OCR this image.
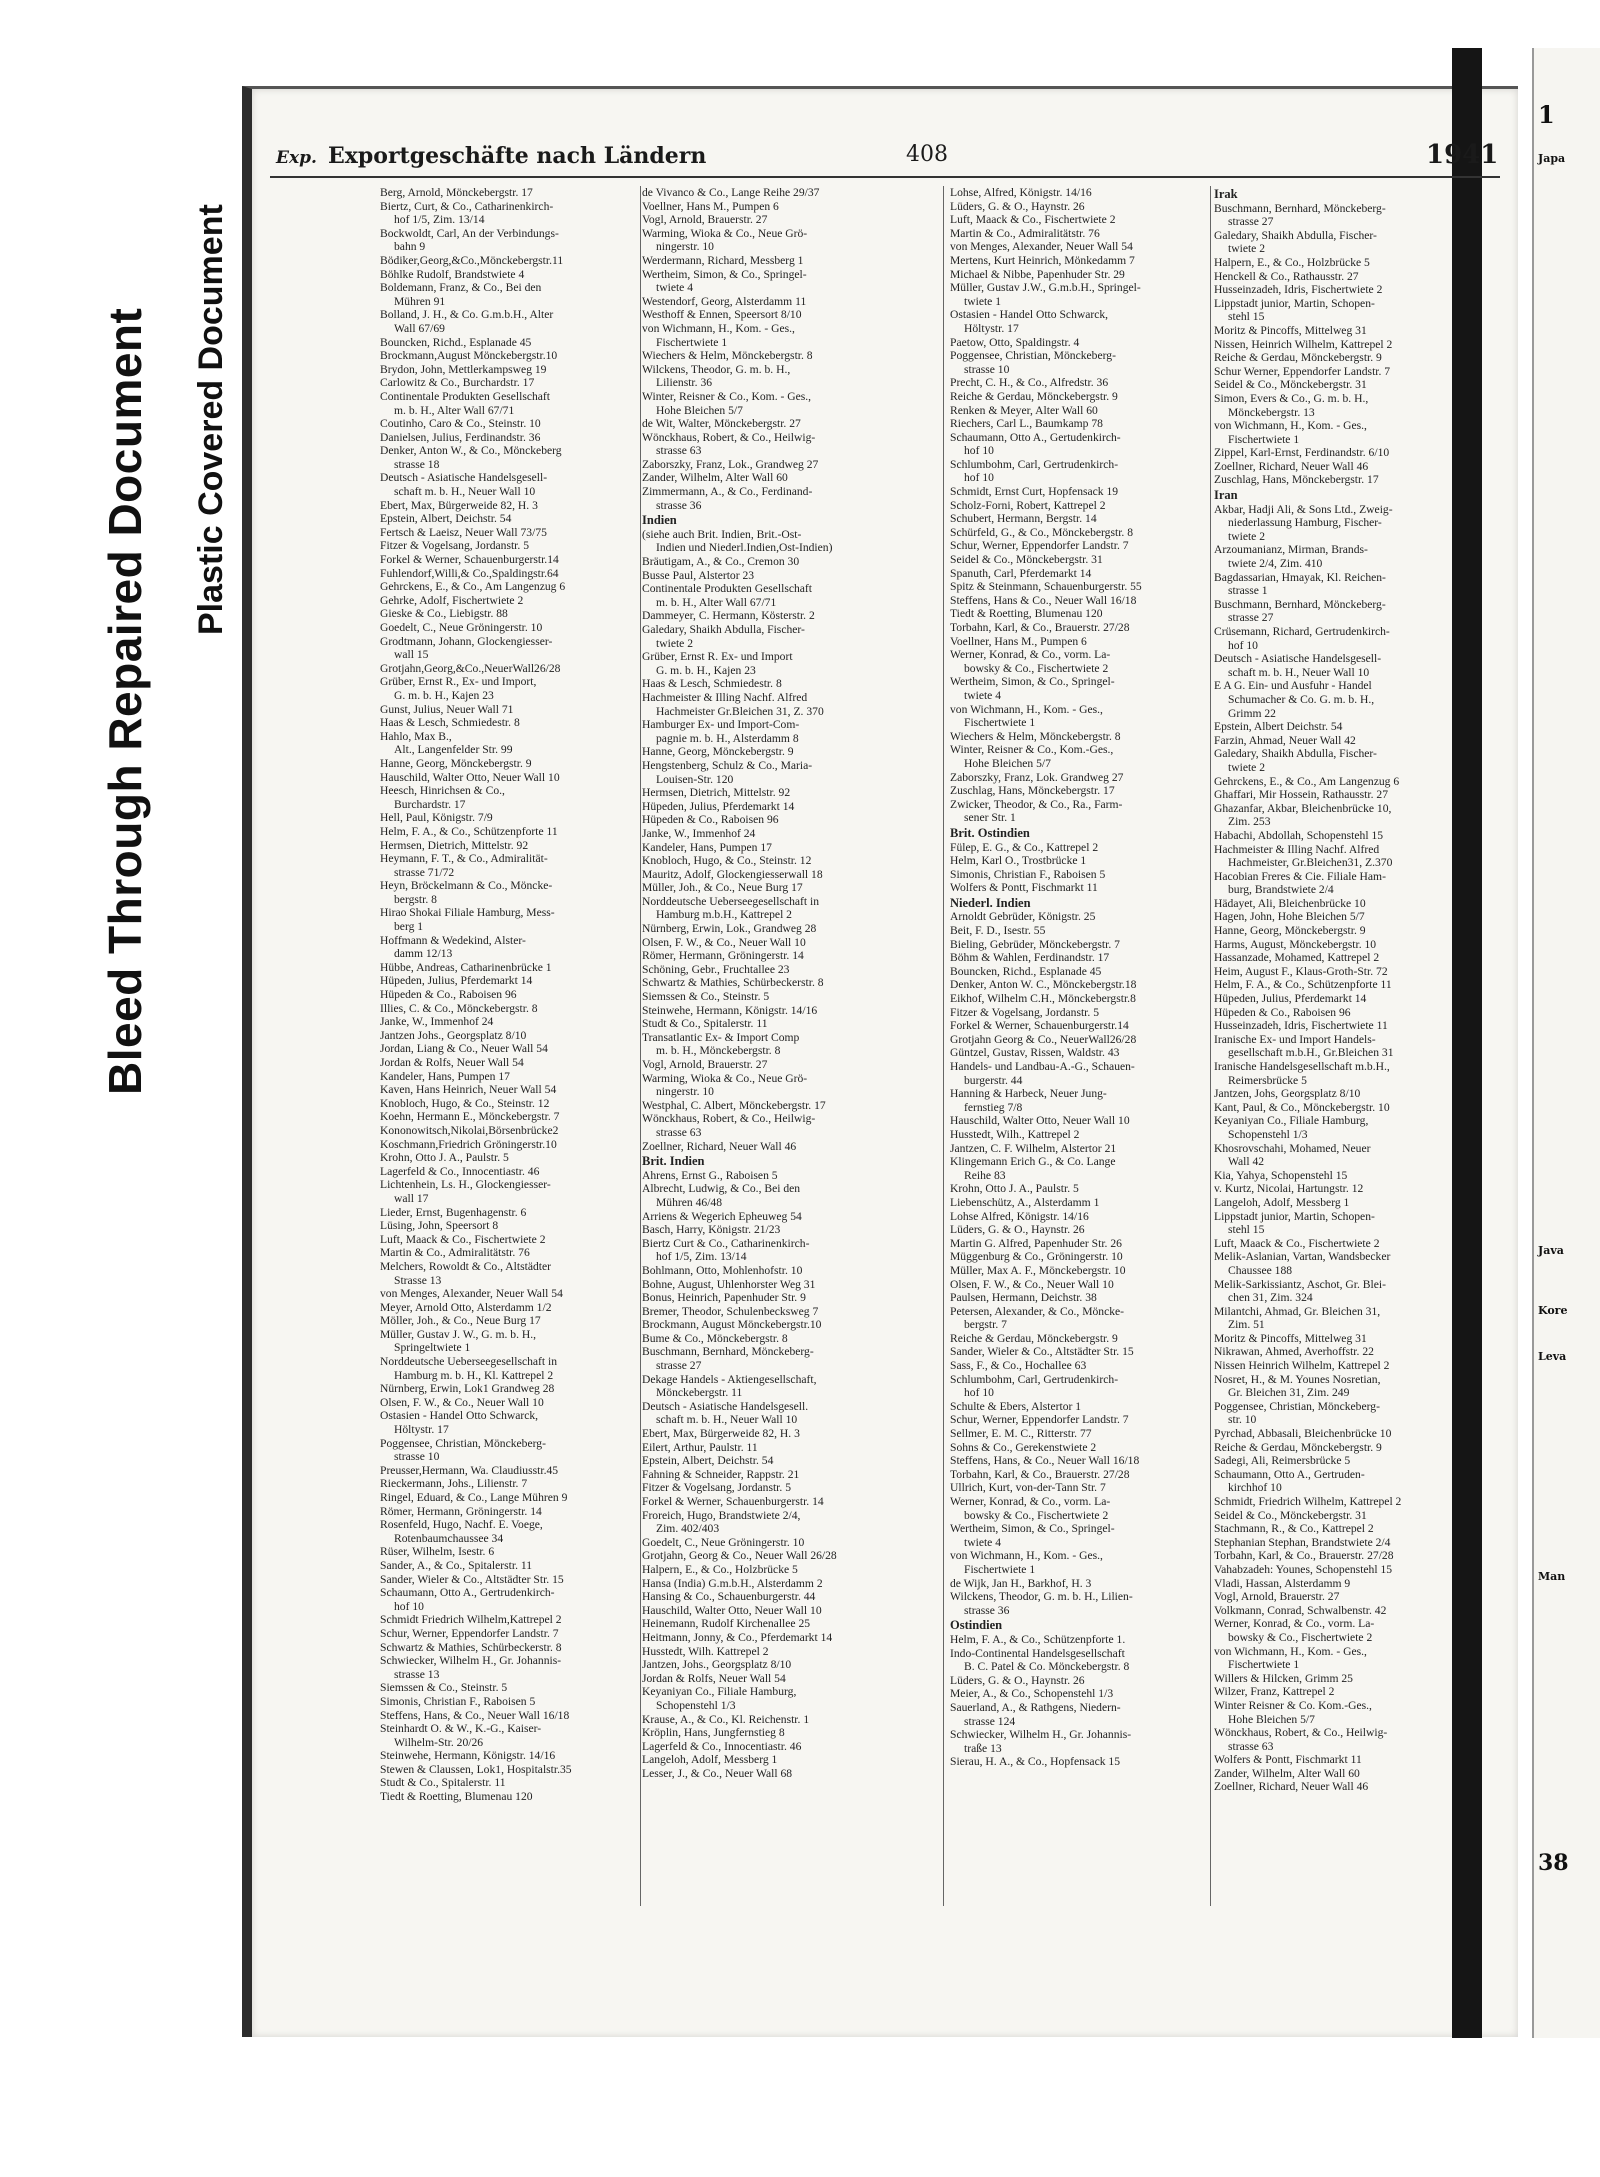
Bleed Through Repaired Document Plastic Covered Document
1
Japa
Java
Kore
Leva
Man
38
Exp. Exportgeschäfte nach Ländern	408	1941
Berg, Arnold, Mönckebergstr. 17
Biertz, Curt, & Co., Catharinenkirch-
hof 1/5, Zim. 13/14
Bockwoldt, Carl, An der Verbindungs-
bahn 9
Bödiker,Georg,&Co.,Mönckebergstr.11
Böhlke Rudolf, Brandstwiete 4
Boldemann, Franz, & Co., Bei den
Mühren 91
Bolland, J. H., & Co. G.m.b.H., Alter
Wall 67/69
Bouncken, Richd., Esplanade 45
Brockmann,August Mönckebergstr.10
Brydon, John, Mettlerkampsweg 19
Carlowitz & Co., Burchardstr. 17
Continentale Produkten Gesellschaft
m. b. H., Alter Wall 67/71
Coutinho, Caro & Co., Steinstr. 10
Danielsen, Julius, Ferdinandstr. 36
Denker, Anton W., & Co., Mönckeberg
strasse 18
Deutsch - Asiatische Handelsgesell-
schaft m. b. H., Neuer Wall 10
Ebert, Max, Bürgerweide 82, H. 3
Epstein, Albert, Deichstr. 54
Fertsch & Laeisz, Neuer Wall 73/75
Fitzer & Vogelsang, Jordanstr. 5
Forkel & Werner, Schauenburgerstr.14
Fuhlendorf,Willi,& Co.,Spaldingstr.64
Gehrckens, E., & Co., Am Langenzug 6
Gehrke, Adolf, Fischertwiete 2
Gieske & Co., Liebigstr. 88
Goedelt, C., Neue Gröningerstr. 10
Grodtmann, Johann, Glockengiesser-
wall 15
Grotjahn,Georg,&Co.,NeuerWall26/28
Grüber, Ernst R., Ex- und Import,
G. m. b. H., Kajen 23
Gunst, Julius, Neuer Wall 71
Haas & Lesch, Schmiedestr. 8
Hahlo, Max B.,
Alt., Langenfelder Str. 99
Hanne, Georg, Mönckebergstr. 9
Hauschild, Walter Otto, Neuer Wall 10
Heesch, Hinrichsen & Co.,
Burchardstr. 17
Hell, Paul, Königstr. 7/9
Helm, F. A., & Co., Schützenpforte 11
Hermsen, Dietrich, Mittelstr. 92
Heymann, F. T., & Co., Admiralität-
strasse 71/72
Heyn, Bröckelmann & Co., Möncke-
bergstr. 8
Hirao Shokai Filiale Hamburg, Mess-
berg 1
Hoffmann & Wedekind, Alster-
damm 12/13
Hübbe, Andreas, Catharinenbrücke 1
Hüpeden, Julius, Pferdemarkt 14
Hüpeden & Co., Raboisen 96
Illies, C. & Co., Mönckebergstr. 8
Janke, W., Immenhof 24
Jantzen Johs., Georgsplatz 8/10
Jordan, Liang & Co., Neuer Wall 54
Jordan & Rolfs, Neuer Wall 54
Kandeler, Hans, Pumpen 17
Kaven, Hans Heinrich, Neuer Wall 54
Knobloch, Hugo, & Co., Steinstr. 12
Koehn, Hermann E., Mönckebergstr. 7
Kononowitsch,Nikolai,Börsenbrücke2
Koschmann,Friedrich Gröningerstr.10
Krohn, Otto J. A., Paulstr. 5
Lagerfeld & Co., Innocentiastr. 46
Lichtenhein, Ls. H., Glockengiesser-
wall 17
Lieder, Ernst, Bugenhagenstr. 6
Lüsing, John, Speersort 8
Luft, Maack & Co., Fischertwiete 2
Martin & Co., Admiralitätstr. 76
Melchers, Rowoldt & Co., Altstädter
Strasse 13
von Menges, Alexander, Neuer Wall 54
Meyer, Arnold Otto, Alsterdamm 1/2
Möller, Joh., & Co., Neue Burg 17
Müller, Gustav J. W., G. m. b. H.,
Springeltwiete 1
Norddeutsche Ueberseegesellschaft in
Hamburg m. b. H., Kl. Kattrepel 2
Nürnberg, Erwin, Lok1 Grandweg 28
Olsen, F. W., & Co., Neuer Wall 10
Ostasien - Handel Otto Schwarck,
Höltystr. 17
Poggensee, Christian, Mönckeberg-
strasse 10
Preusser,Hermann, Wa. Claudiusstr.45
Rieckermann, Johs., Lilienstr. 7
Ringel, Eduard, & Co., Lange Mühren 9
Römer, Hermann, Gröningerstr. 14
Rosenfeld, Hugo, Nachf. E. Voege,
Rotenbaumchaussee 34
Rüser, Wilhelm, Isestr. 6
Sander, A., & Co., Spitalerstr. 11
Sander, Wieler & Co., Altstädter Str. 15
Schaumann, Otto A., Gertrudenkirch-
hof 10
Schmidt Friedrich Wilhelm,Kattrepel 2
Schur, Werner, Eppendorfer Landstr. 7
Schwartz & Mathies, Schürbeckerstr. 8
Schwiecker, Wilhelm H., Gr. Johannis-
strasse 13
Siemssen & Co., Steinstr. 5
Simonis, Christian F., Raboisen 5
Steffens, Hans, & Co., Neuer Wall 16/18
Steinhardt O. & W., K.-G., Kaiser-
Wilhelm-Str. 20/26
Steinwehe, Hermann, Königstr. 14/16
Stewen & Claussen, Lok1, Hospitalstr.35
Studt & Co., Spitalerstr. 11
Tiedt & Roetting, Blumenau 120
de Vivanco & Co., Lange Reihe 29/37
Voellner, Hans M., Pumpen 6
Vogl, Arnold, Brauerstr. 27
Warming, Wioka & Co., Neue Grö-
ningerstr. 10
Werdermann, Richard, Messberg 1
Wertheim, Simon, & Co., Springel-
twiete 4
Westendorf, Georg, Alsterdamm 11
Westhoff & Ennen, Speersort 8/10
von Wichmann, H., Kom. - Ges.,
Fischertwiete 1
Wiechers & Helm, Mönckebergstr. 8
Wilckens, Theodor, G. m. b. H.,
Lilienstr. 36
Winter, Reisner & Co., Kom. - Ges.,
Hohe Bleichen 5/7
de Wit, Walter, Mönckebergstr. 27
Wönckhaus, Robert, & Co., Heilwig-
strasse 63
Zaborszky, Franz, Lok., Grandweg 27
Zander, Wilhelm, Alter Wall 60
Zimmermann, A., & Co., Ferdinand-
strasse 36
Indien
(siehe auch Brit. Indien, Brit.-Ost-
Indien und Niederl.Indien,Ost-Indien)
Bräutigam, A., & Co., Cremon 30
Busse Paul, Alstertor 23
Continentale Produkten Gesellschaft
m. b. H., Alter Wall 67/71
Dammeyer, C. Hermann, Kösterstr. 2
Galedary, Shaikh Abdulla, Fischer-
twiete 2
Grüber, Ernst R. Ex- und Import
G. m. b. H., Kajen 23
Haas & Lesch, Schmiedestr. 8
Hachmeister & Illing Nachf. Alfred
Hachmeister Gr.Bleichen 31, Z. 370
Hamburger Ex- und Import-Com-
pagnie m. b. H., Alsterdamm 8
Hanne, Georg, Mönckebergstr. 9
Hengstenberg, Schulz & Co., Maria-
Louisen-Str. 120
Hermsen, Dietrich, Mittelstr. 92
Hüpeden, Julius, Pferdemarkt 14
Hüpeden & Co., Raboisen 96
Janke, W., Immenhof 24
Kandeler, Hans, Pumpen 17
Knobloch, Hugo, & Co., Steinstr. 12
Mauritz, Adolf, Glockengiesserwall 18
Müller, Joh., & Co., Neue Burg 17
Norddeutsche Ueberseegesellschaft in
Hamburg m.b.H., Kattrepel 2
Nürnberg, Erwin, Lok., Grandweg 28
Olsen, F. W., & Co., Neuer Wall 10
Römer, Hermann, Gröningerstr. 14
Schöning, Gebr., Fruchtallee 23
Schwartz & Mathies, Schürbeckerstr. 8
Siemssen & Co., Steinstr. 5
Steinwehe, Hermann, Königstr. 14/16
Studt & Co., Spitalerstr. 11
Transatlantic Ex- & Import Comp
m. b. H., Mönckebergstr. 8
Vogl, Arnold, Brauerstr. 27
Warming, Wioka & Co., Neue Grö-
ningerstr. 10
Westphal, C. Albert, Mönckebergstr. 17
Wönckhaus, Robert, & Co., Heilwig-
strasse 63
Zoellner, Richard, Neuer Wall 46
Brit. Indien
Ahrens, Ernst G., Raboisen 5
Albrecht, Ludwig, & Co., Bei den
Mühren 46/48
Arriens & Wegerich Epheuweg 54
Basch, Harry, Königstr. 21/23
Biertz Curt & Co., Catharinenkirch-
hof 1/5, Zim. 13/14
Bohlmann, Otto, Mohlenhofstr. 10
Bohne, August, Uhlenhorster Weg 31
Bonus, Heinrich, Papenhuder Str. 9
Bremer, Theodor, Schulenbecksweg 7
Brockmann, August Mönckebergstr.10
Bume & Co., Mönckebergstr. 8
Buschmann, Bernhard, Mönckeberg-
strasse 27
Dekage Handels - Aktiengesellschaft,
Mönckebergstr. 11
Deutsch - Asiatische Handelsgesell.
schaft m. b. H., Neuer Wall 10
Ebert, Max, Bürgerweide 82, H. 3
Eilert, Arthur, Paulstr. 11
Epstein, Albert, Deichstr. 54
Fahning & Schneider, Rappstr. 21
Fitzer & Vogelsang, Jordanstr. 5
Forkel & Werner, Schauenburgerstr. 14
Froreich, Hugo, Brandstwiete 2/4,
Zim. 402/403
Goedelt, C., Neue Gröningerstr. 10
Grotjahn, Georg & Co., Neuer Wall 26/28
Halpern, E., & Co., Holzbrücke 5
Hansa (India) G.m.b.H., Alsterdamm 2
Hansing & Co., Schauenburgerstr. 44
Hauschild, Walter Otto, Neuer Wall 10
Heinemann, Rudolf Kirchenallee 25
Heitmann, Jonny, & Co., Pferdemarkt 14
Husstedt, Wilh. Kattrepel 2
Jantzen, Johs., Georgsplatz 8/10
Jordan & Rolfs, Neuer Wall 54
Keyaniyan Co., Filiale Hamburg,
Schopenstehl 1/3
Krause, A., & Co., Kl. Reichenstr. 1
Kröplin, Hans, Jungfernstieg 8
Lagerfeld & Co., Innocentiastr. 46
Langeloh, Adolf, Messberg 1
Lesser, J., & Co., Neuer Wall 68
Lohse, Alfred, Königstr. 14/16
Lüders, G. & O., Haynstr. 26
Luft, Maack & Co., Fischertwiete 2
Martin & Co., Admiralitätstr. 76
von Menges, Alexander, Neuer Wall 54
Mertens, Kurt Heinrich, Mönkedamm 7
Michael & Nibbe, Papenhuder Str. 29
Müller, Gustav J.W., G.m.b.H., Springel-
twiete 1
Ostasien - Handel Otto Schwarck,
Höltystr. 17
Paetow, Otto, Spaldingstr. 4
Poggensee, Christian, Mönckeberg-
strasse 10
Precht, C. H., & Co., Alfredstr. 36
Reiche & Gerdau, Mönckebergstr. 9
Renken & Meyer, Alter Wall 60
Riechers, Carl L., Baumkamp 78
Schaumann, Otto A., Gertudenkirch-
hof 10
Schlumbohm, Carl, Gertrudenkirch-
hof 10
Schmidt, Ernst Curt, Hopfensack 19
Scholz-Forni, Robert, Kattrepel 2
Schubert, Hermann, Bergstr. 14
Schürfeld, G., & Co., Mönckebergstr. 8
Schur, Werner, Eppendorfer Landstr. 7
Seidel & Co., Mönckebergstr. 31
Spanuth, Carl, Pferdemarkt 14
Spitz & Steinmann, Schauenburgerstr. 55
Steffens, Hans & Co., Neuer Wall 16/18
Tiedt & Roetting, Blumenau 120
Torbahn, Karl, & Co., Brauerstr. 27/28
Voellner, Hans M., Pumpen 6
Werner, Konrad, & Co., vorm. La-
bowsky & Co., Fischertwiete 2
Wertheim, Simon, & Co., Springel-
twiete 4
von Wichmann, H., Kom. - Ges.,
Fischertwiete 1
Wiechers & Helm, Mönckebergstr. 8
Winter, Reisner & Co., Kom.-Ges.,
Hohe Bleichen 5/7
Zaborszky, Franz, Lok. Grandweg 27
Zuschlag, Hans, Mönckebergstr. 17
Zwicker, Theodor, & Co., Ra., Farm-
sener Str. 1
Brit. Ostindien
Fülep, E. G., & Co., Kattrepel 2
Helm, Karl O., Trostbrücke 1
Simonis, Christian F., Raboisen 5
Wolfers & Pontt, Fischmarkt 11
Niederl. Indien
Arnoldt Gebrüder, Königstr. 25
Beit, F. D., Isestr. 55
Bieling, Gebrüder, Mönckebergstr. 7
Böhm & Wahlen, Ferdinandstr. 17
Bouncken, Richd., Esplanade 45
Denker, Anton W. C., Mönckebergstr.18
Eikhof, Wilhelm C.H., Mönckebergstr.8
Fitzer & Vogelsang, Jordanstr. 5
Forkel & Werner, Schauenburgerstr.14
Grotjahn Georg & Co., NeuerWall26/28
Güntzel, Gustav, Rissen, Waldstr. 43
Handels- und Landbau-A.-G., Schauen-
burgerstr. 44
Hanning & Harbeck, Neuer Jung-
fernstieg 7/8
Hauschild, Walter Otto, Neuer Wall 10
Husstedt, Wilh., Kattrepel 2
Jantzen, C. F. Wilhelm, Alstertor 21
Klingemann Erich G., & Co. Lange
Reihe 83
Krohn, Otto J. A., Paulstr. 5
Liebenschütz, A., Alsterdamm 1
Lohse Alfred, Königstr. 14/16
Lüders, G. & O., Haynstr. 26
Martin G. Alfred, Papenhuder Str. 26
Müggenburg & Co., Gröningerstr. 10
Müller, Max A. F., Mönckebergstr. 10
Olsen, F. W., & Co., Neuer Wall 10
Paulsen, Hermann, Deichstr. 38
Petersen, Alexander, & Co., Möncke-
bergstr. 7
Reiche & Gerdau, Mönckebergstr. 9
Sander, Wieler & Co., Altstädter Str. 15
Sass, F., & Co., Hochallee 63
Schlumbohm, Carl, Gertrudenkirch-
hof 10
Schulte & Ebers, Alstertor 1
Schur, Werner, Eppendorfer Landstr. 7
Sellmer, E. M. C., Ritterstr. 77
Sohns & Co., Gerekenstwiete 2
Steffens, Hans, & Co., Neuer Wall 16/18
Torbahn, Karl, & Co., Brauerstr. 27/28
Ullrich, Kurt, von-der-Tann Str. 7
Werner, Konrad, & Co., vorm. La-
bowsky & Co., Fischertwiete 2
Wertheim, Simon, & Co., Springel-
twiete 4
von Wichmann, H., Kom. - Ges.,
Fischertwiete 1
de Wijk, Jan H., Barkhof, H. 3
Wilckens, Theodor, G. m. b. H., Lilien-
strasse 36
Ostindien
Helm, F. A., & Co., Schützenpforte 1.
Indo-Continental Handelsgesellschaft
B. C. Patel & Co. Mönckebergstr. 8
Lüders, G. & O., Haynstr. 26
Meier, A., & Co., Schopenstehl 1/3
Sauerland, A., & Rathgens, Niedern-
strasse 124
Schwiecker, Wilhelm H., Gr. Johannis-
traße 13
Sierau, H. A., & Co., Hopfensack 15
Irak
Buschmann, Bernhard, Mönckeberg-
strasse 27
Galedary, Shaikh Abdulla, Fischer-
twiete 2
Halpern, E., & Co., Holzbrücke 5
Henckell & Co., Rathausstr. 27
Husseinzadeh, Idris, Fischertwiete 2
Lippstadt junior, Martin, Schopen-
stehl 15
Moritz & Pincoffs, Mittelweg 31
Nissen, Heinrich Wilhelm, Kattrepel 2
Reiche & Gerdau, Mönckebergstr. 9
Schur Werner, Eppendorfer Landstr. 7
Seidel & Co., Mönckebergstr. 31
Simon, Evers & Co., G. m. b. H.,
Mönckebergstr. 13
von Wichmann, H., Kom. - Ges.,
Fischertwiete 1
Zippel, Karl-Ernst, Ferdinandstr. 6/10
Zoellner, Richard, Neuer Wall 46
Zuschlag, Hans, Mönckebergstr. 17
Iran
Akbar, Hadji Ali, & Sons Ltd., Zweig-
niederlassung Hamburg, Fischer-
twiete 2
Arzoumanianz, Mirman, Brands-
twiete 2/4, Zim. 410
Bagdassarian, Hmayak, Kl. Reichen-
strasse 1
Buschmann, Bernhard, Mönckeberg-
strasse 27
Crüsemann, Richard, Gertrudenkirch-
hof 10
Deutsch - Asiatische Handelsgesell-
schaft m. b. H., Neuer Wall 10
E A G. Ein- und Ausfuhr - Handel
Schumacher & Co. G. m. b. H.,
Grimm 22
Epstein, Albert Deichstr. 54
Farzin, Ahmad, Neuer Wall 42
Galedary, Shaikh Abdulla, Fischer-
twiete 2
Gehrckens, E., & Co., Am Langenzug 6
Ghaffari, Mir Hossein, Rathausstr. 27
Ghazanfar, Akbar, Bleichenbrücke 10,
Zim. 253
Habachi, Abdollah, Schopenstehl 15
Hachmeister & Illing Nachf. Alfred
Hachmeister, Gr.Bleichen31, Z.370
Hacobian Freres & Cie. Filiale Ham-
burg, Brandstwiete 2/4
Hädayet, Ali, Bleichenbrücke 10
Hagen, John, Hohe Bleichen 5/7
Hanne, Georg, Mönckebergstr. 9
Harms, August, Mönckebergstr. 10
Hassanzade, Mohamed, Kattrepel 2
Heim, August F., Klaus-Groth-Str. 72
Helm, F. A., & Co., Schützenpforte 11
Hüpeden, Julius, Pferdemarkt 14
Hüpeden & Co., Raboisen 96
Husseinzadeh, Idris, Fischertwiete 11
Iranische Ex- und Import Handels-
gesellschaft m.b.H., Gr.Bleichen 31
Iranische Handelsgesellschaft m.b.H.,
Reimersbrücke 5
Jantzen, Johs, Georgsplatz 8/10
Kant, Paul, & Co., Mönckebergstr. 10
Keyaniyan Co., Filiale Hamburg,
Schopenstehl 1/3
Khosrovschahi, Mohamed, Neuer
Wall 42
Kia, Yahya, Schopenstehl 15
v. Kurtz, Nicolai, Hartungstr. 12
Langeloh, Adolf, Messberg 1
Lippstadt junior, Martin, Schopen-
stehl 15
Luft, Maack & Co., Fischertwiete 2
Melik-Aslanian, Vartan, Wandsbecker
Chaussee 188
Melik-Sarkissiantz, Aschot, Gr. Blei-
chen 31, Zim. 324
Milantchi, Ahmad, Gr. Bleichen 31,
Zim. 51
Moritz & Pincoffs, Mittelweg 31
Nikrawan, Ahmed, Averhoffstr. 22
Nissen Heinrich Wilhelm, Kattrepel 2
Nosret, H., & M. Younes Nosretian,
Gr. Bleichen 31, Zim. 249
Poggensee, Christian, Mönckeberg-
str. 10
Pyrchad, Abbasali, Bleichenbrücke 10
Reiche & Gerdau, Mönckebergstr. 9
Sadegi, Ali, Reimersbrücke 5
Schaumann, Otto A., Gertruden-
kirchhof 10
Schmidt, Friedrich Wilhelm, Kattrepel 2
Seidel & Co., Mönckebergstr. 31
Stachmann, R., & Co., Kattrepel 2
Stephanian Stephan, Brandstwiete 2/4
Torbahn, Karl, & Co., Brauerstr. 27/28
Vahabzadeh: Younes, Schopenstehl 15
Vladi, Hassan, Alsterdamm 9
Vogl, Arnold, Brauerstr. 27
Volkmann, Conrad, Schwalbenstr. 42
Werner, Konrad, & Co., vorm. La-
bowsky & Co., Fischertwiete 2
von Wichmann, H., Kom. - Ges.,
Fischertwiete 1
Willers & Hilcken, Grimm 25
Wilzer, Franz, Kattrepel 2
Winter Reisner & Co. Kom.-Ges.,
Hohe Bleichen 5/7
Wönckhaus, Robert, & Co., Heilwig-
strasse 63
Wolfers & Pontt, Fischmarkt 11
Zander, Wilhelm, Alter Wall 60
Zoellner, Richard, Neuer Wall 46
